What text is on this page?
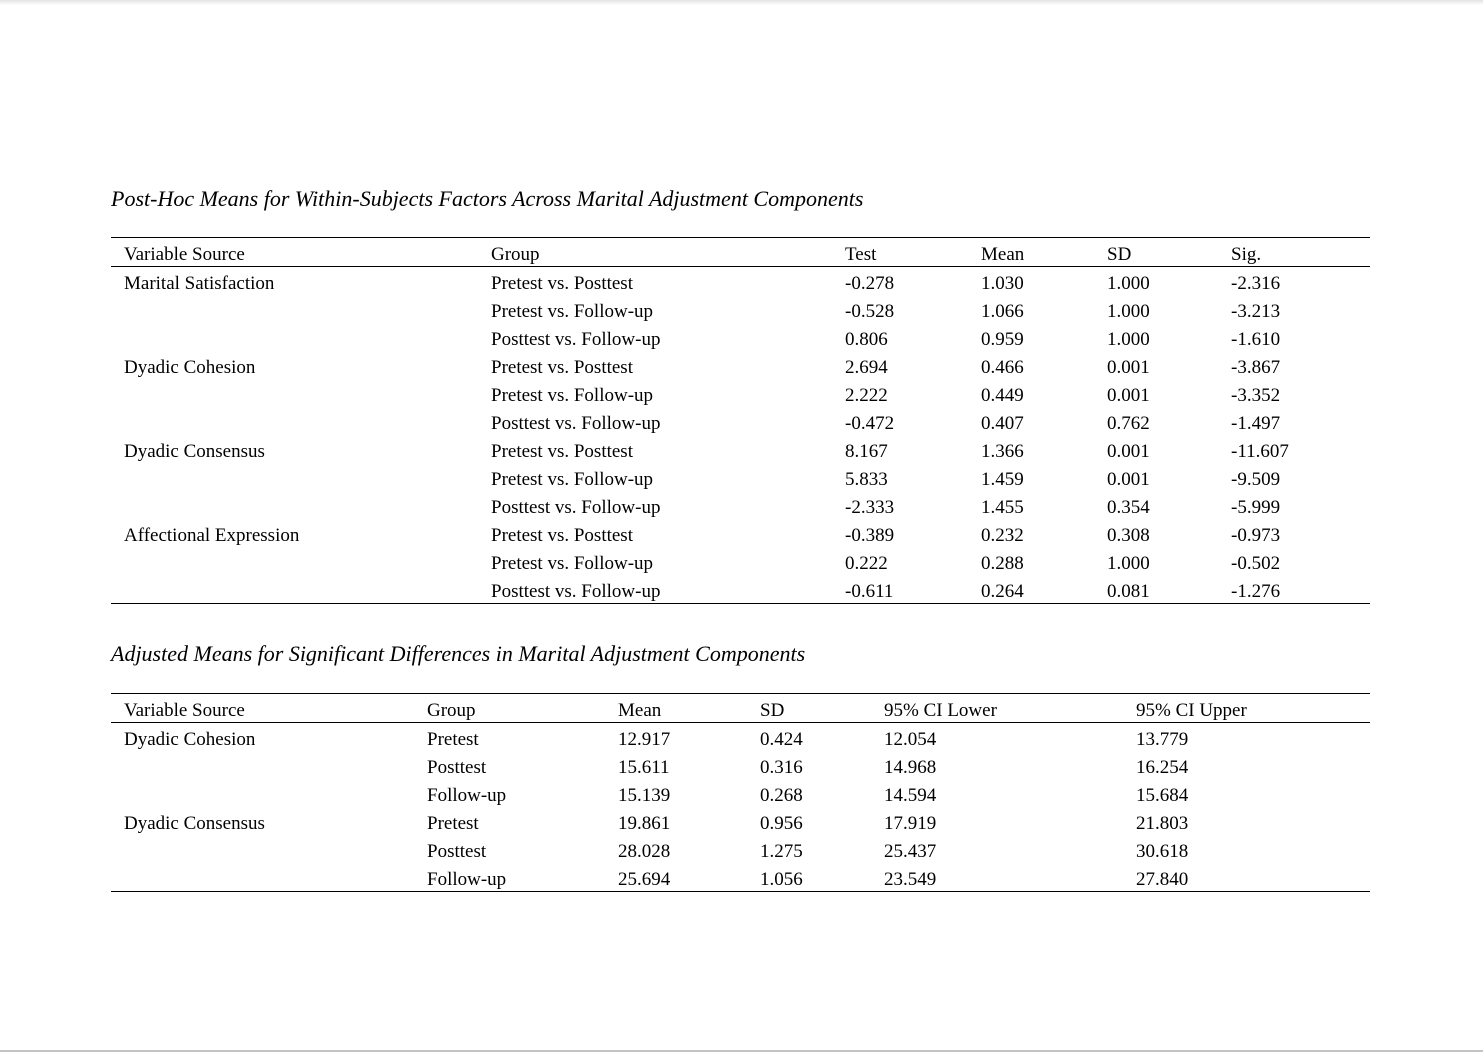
Post-Hoc Means for Within-Subjects Factors Across Marital Adjustment Components
Variable Source	Group	Test	Mean	SD	Sig.
Marital Satisfaction	Pretest vs. Posttest	-0.278	1.030	1.000	-2.316
Pretest vs. Follow-up	-0.528	1.066	1.000	-3.213
Posttest vs. Follow-up	0.806	0.959	1.000	-1.610
Dyadic Cohesion	Pretest vs. Posttest	2.694	0.466	0.001	-3.867
Pretest vs. Follow-up	2.222	0.449	0.001	-3.352
Posttest vs. Follow-up	-0.472	0.407	0.762	-1.497
Dyadic Consensus	Pretest vs. Posttest	8.167	1.366	0.001	-11.607
Pretest vs. Follow-up	5.833	1.459	0.001	-9.509
Posttest vs. Follow-up	-2.333	1.455	0.354	-5.999
Affectional Expression	Pretest vs. Posttest	-0.389	0.232	0.308	-0.973
Pretest vs. Follow-up	0.222	0.288	1.000	-0.502
Posttest vs. Follow-up	-0.611	0.264	0.081	-1.276
Adjusted Means for Significant Differences in Marital Adjustment Components
Variable Source	Group	Mean	SD	95% CI Lower	95% CI Upper
Dyadic Cohesion	Pretest	12.917	0.424	12.054	13.779
Posttest	15.611	0.316	14.968	16.254
Follow-up	15.139	0.268	14.594	15.684
Dyadic Consensus	Pretest	19.861	0.956	17.919	21.803
Posttest	28.028	1.275	25.437	30.618
Follow-up	25.694	1.056	23.549	27.840
